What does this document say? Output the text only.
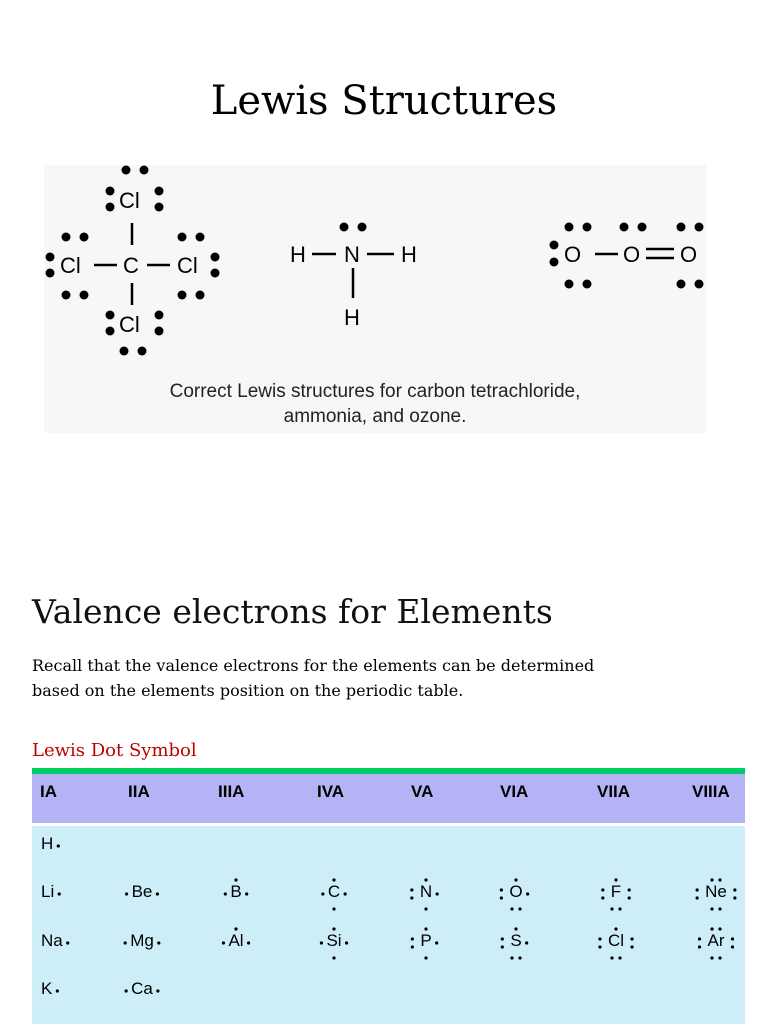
Lewis Structures
Cl
Cl C Cl
Cl
H N H
H
O O O
Correct Lewis structures for carbon tetrachloride,
ammonia, and ozone.
Valence electrons for Elements
Recall that the valence electrons for the elements can be determined
based on the elements position on the periodic table.
Lewis Dot Symbol
IA	IIA	IIIA	IVA	VA	VIA	VIIA	VIIIA
H
Li	Be	B	C	N	O	F	Ne
Na	Mg	Al	Si	P	S	Cl	Ar
K	Ca
